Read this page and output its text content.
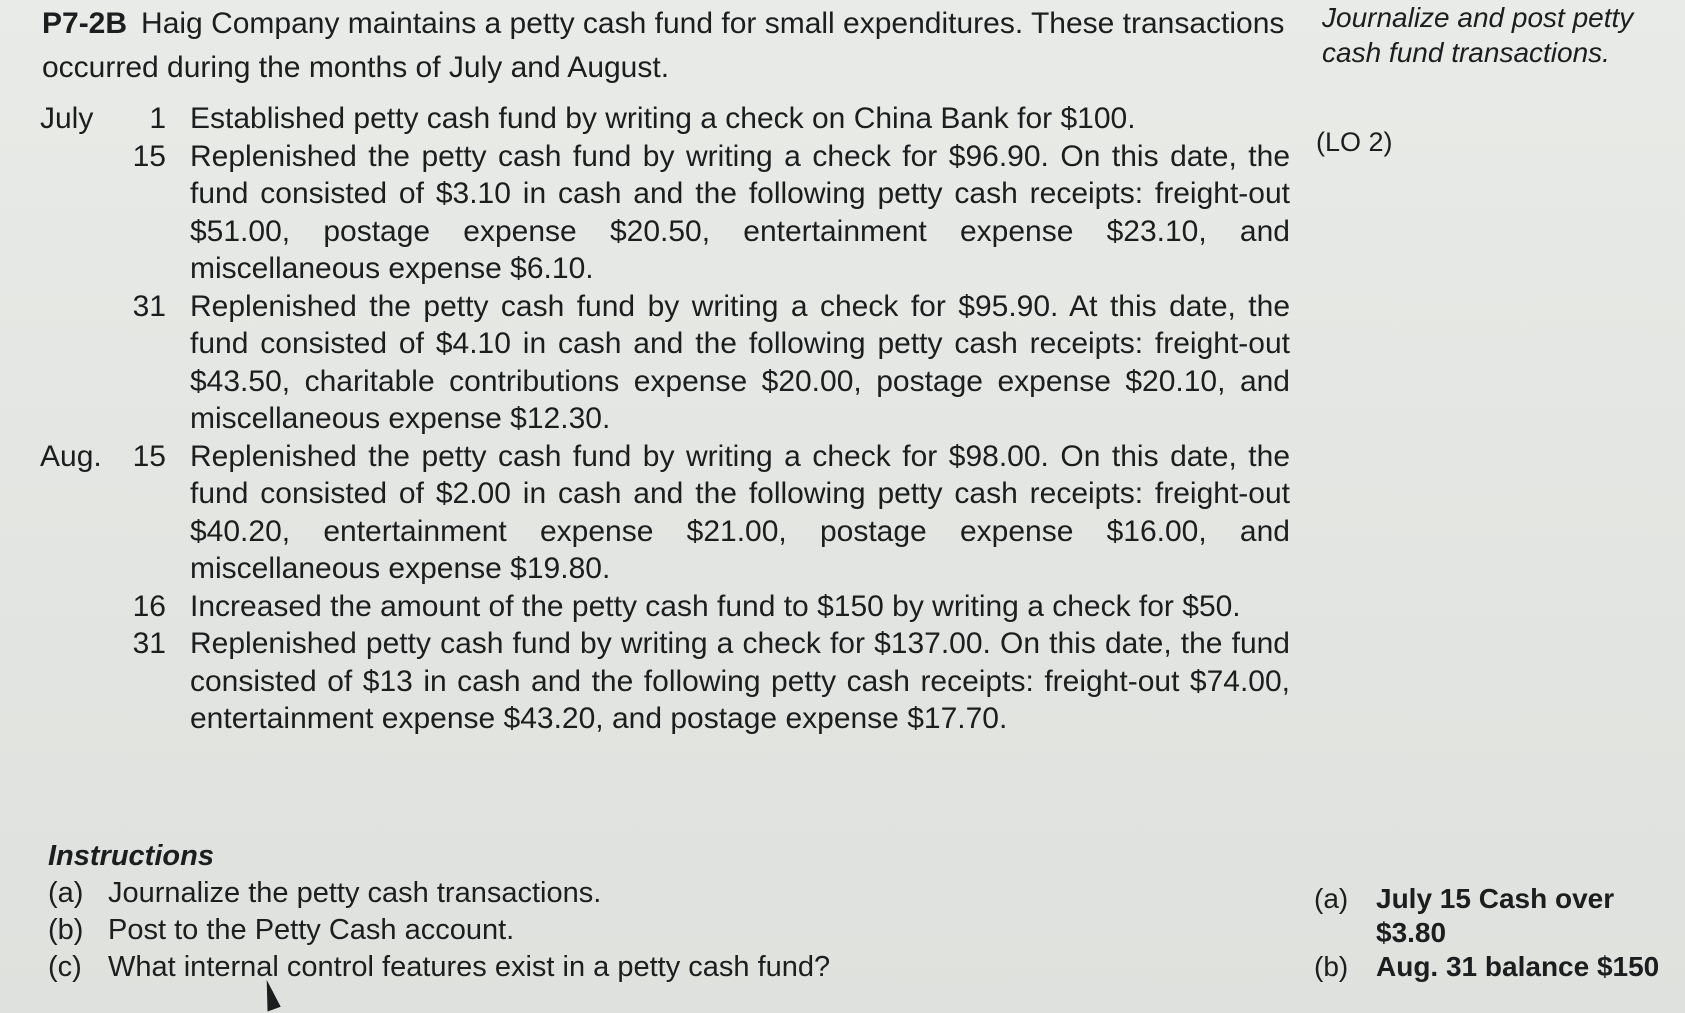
P7-2B Haig Company maintains a petty cash fund for small expenditures. These transactions occurred during the months of July and August.
Journalize and post petty cash fund transactions.
(LO 2)
July	1 Established petty cash fund by writing a check on China Bank for $100.
15 Replenished the petty cash fund by writing a check for $96.90. On this date, the fund consisted of $3.10 in cash and the following petty cash receipts: freight-out $51.00, postage expense $20.50, entertainment expense $23.10, and miscellaneous expense $6.10.
31 Replenished the petty cash fund by writing a check for $95.90. At this date, the fund consisted of $4.10 in cash and the following petty cash receipts: freight-out $43.50, charitable contributions expense $20.00, postage expense $20.10, and miscellaneous expense $12.30.
Aug.	15 Replenished the petty cash fund by writing a check for $98.00. On this date, the fund consisted of $2.00 in cash and the following petty cash receipts: freight-out $40.20, entertainment expense $21.00, postage expense $16.00, and miscellaneous expense $19.80.
16 Increased the amount of the petty cash fund to $150 by writing a check for $50.
31 Replenished petty cash fund by writing a check for $137.00. On this date, the fund consisted of $13 in cash and the following petty cash receipts: freight-out $74.00, entertainment expense $43.20, and postage expense $17.70.
Instructions
(a) Journalize the petty cash transactions.
(b) Post to the Petty Cash account.
(c) What internal control features exist in a petty cash fund?
(a) July 15 Cash over $3.80
(b) Aug. 31 balance $150
